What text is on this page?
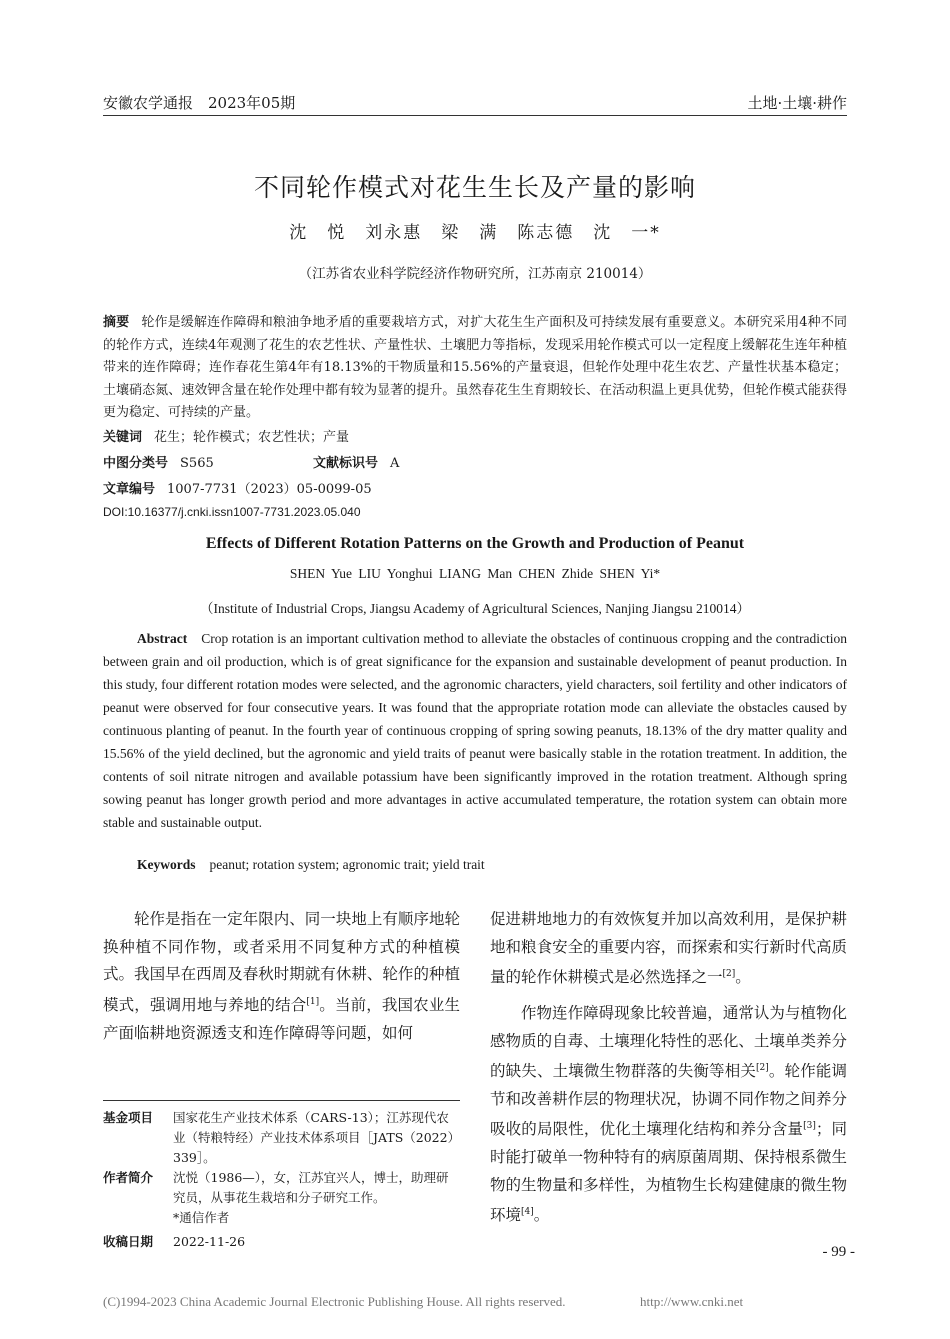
安徽农学通报　2023年05期	土地·土壤·耕作
不同轮作模式对花生生长及产量的影响
沈　悦　刘永惠　梁　满　陈志德　沈　一*
（江苏省农业科学院经济作物研究所，江苏南京 210014）
摘要 轮作是缓解连作障碍和粮油争地矛盾的重要栽培方式，对扩大花生生产面积及可持续发展有重要意义。本研究采用4种不同的轮作方式，连续4年观测了花生的农艺性状、产量性状、土壤肥力等指标，发现采用轮作模式可以一定程度上缓解花生连年种植带来的连作障碍；连作春花生第4年有18.13%的干物质量和15.56%的产量衰退，但轮作处理中花生农艺、产量性状基本稳定；土壤硝态氮、速效钾含量在轮作处理中都有较为显著的提升。虽然春花生生育期较长、在活动积温上更具优势，但轮作模式能获得更为稳定、可持续的产量。
关键词 花生；轮作模式；农艺性状；产量
中图分类号 S565	文献标识号 A
文章编号 1007-7731（2023）05-0099-05
DOI:10.16377/j.cnki.issn1007-7731.2023.05.040
Effects of Different Rotation Patterns on the Growth and Production of Peanut
SHEN Yue LIU Yonghui LIANG Man CHEN Zhide SHEN Yi*
（Institute of Industrial Crops, Jiangsu Academy of Agricultural Sciences, Nanjing Jiangsu 210014）
Abstract Crop rotation is an important cultivation method to alleviate the obstacles of continuous cropping and the contradiction between grain and oil production, which is of great significance for the expansion and sustainable development of peanut production. In this study, four different rotation modes were selected, and the agronomic characters, yield characters, soil fertility and other indicators of peanut were observed for four consecutive years. It was found that the appropriate rotation mode can alleviate the obstacles caused by continuous planting of peanut. In the fourth year of continuous cropping of spring sowing peanuts, 18.13% of the dry matter quality and 15.56% of the yield declined, but the agronomic and yield traits of peanut were basically stable in the rotation treatment. In addition, the contents of soil nitrate nitrogen and available potassium have been significantly improved in the rotation treatment. Although spring sowing peanut has longer growth period and more advantages in active accumulated temperature, the rotation system can obtain more stable and sustainable output.
Keywords peanut; rotation system; agronomic trait; yield trait

轮作是指在一定年限内、同一块地上有顺序地轮换种植不同作物，或者采用不同复种方式的种植模式。我国早在西周及春秋时期就有休耕、轮作的种植模式，强调用地与养地的结合[1]。当前，我国农业生产面临耕地资源透支和连作障碍等问题，如何

促进耕地地力的有效恢复并加以高效利用，是保护耕地和粮食安全的重要内容，而探索和实行新时代高质量的轮作休耕模式是必然选择之一[2]。

作物连作障碍现象比较普遍，通常认为与植物化感物质的自毒、土壤理化特性的恶化、土壤单类养分的缺失、土壤微生物群落的失衡等相关[2]。轮作能调节和改善耕作层的物理状况，协调不同作物之间养分吸收的局限性，优化土壤理化结构和养分含量[3]；同时能打破单一物种特有的病原菌周期、保持根系微生物的生物量和多样性，为植物生长构建健康的微生物环境[4]。

基金项目 国家花生产业技术体系（CARS-13）；江苏现代农业（特粮特经）产业技术体系项目［JATS（2022）339］。
作者简介 沈悦（1986—），女，江苏宜兴人，博士，助理研究员，从事花生栽培和分子研究工作。
*通信作者
收稿日期 2022-11-26
- 99 -
(C)1994-2023 China Academic Journal Electronic Publishing House. All rights reserved.	http://www.cnki.net
